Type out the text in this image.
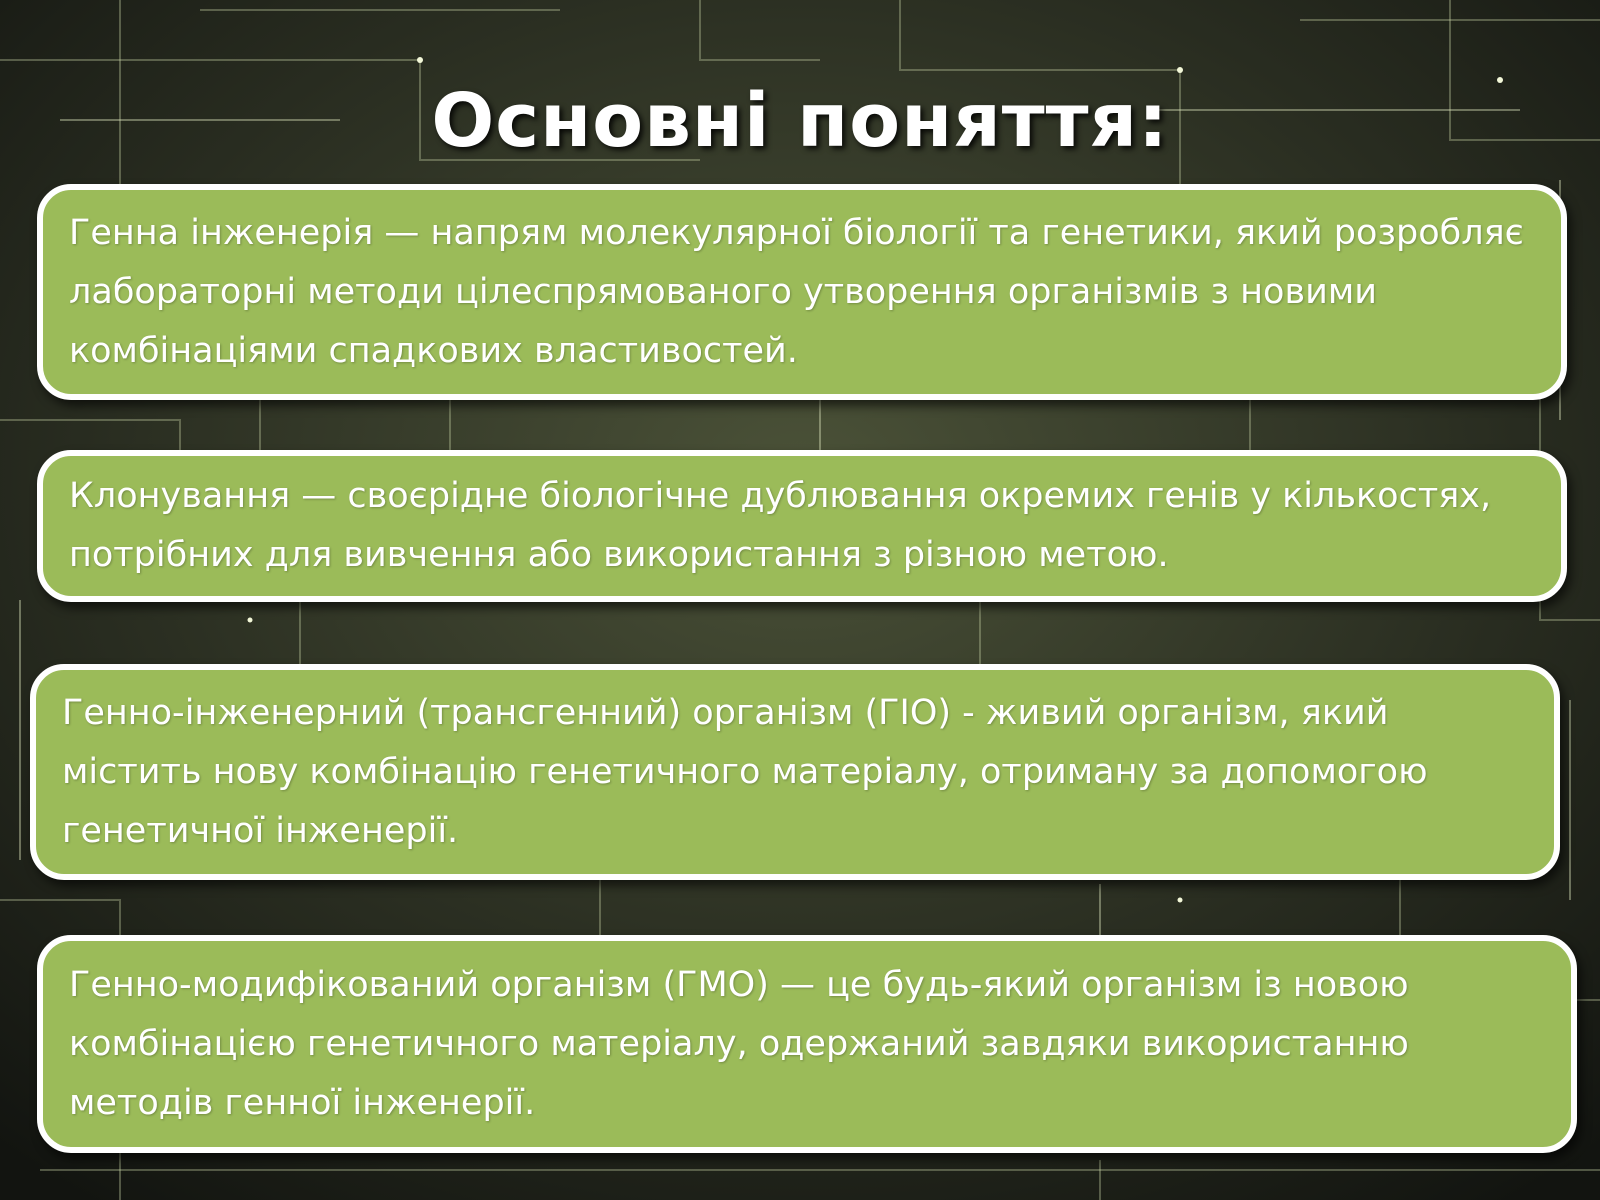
Основні поняття:
Генна інженерія — напрям молекулярної біології та генетики, який розробляє лабораторні методи цілеспрямованого утворення організмів з новими комбінаціями спадкових властивостей.
Клонування — своєрідне біологічне дублювання окремих генів у кількостях, потрібних для вивчення або використання з різною метою.
Генно-інженерний (трансгенний) організм (ГІО) - живий організм, який містить нову комбінацію генетичного матеріалу, отриману за допомогою генетичної інженерії.
Генно-модифікований організм (ГМО) — це будь-який організм із новою комбінацією генетичного матеріалу, одержаний завдяки використанню методів генної інженерії.
